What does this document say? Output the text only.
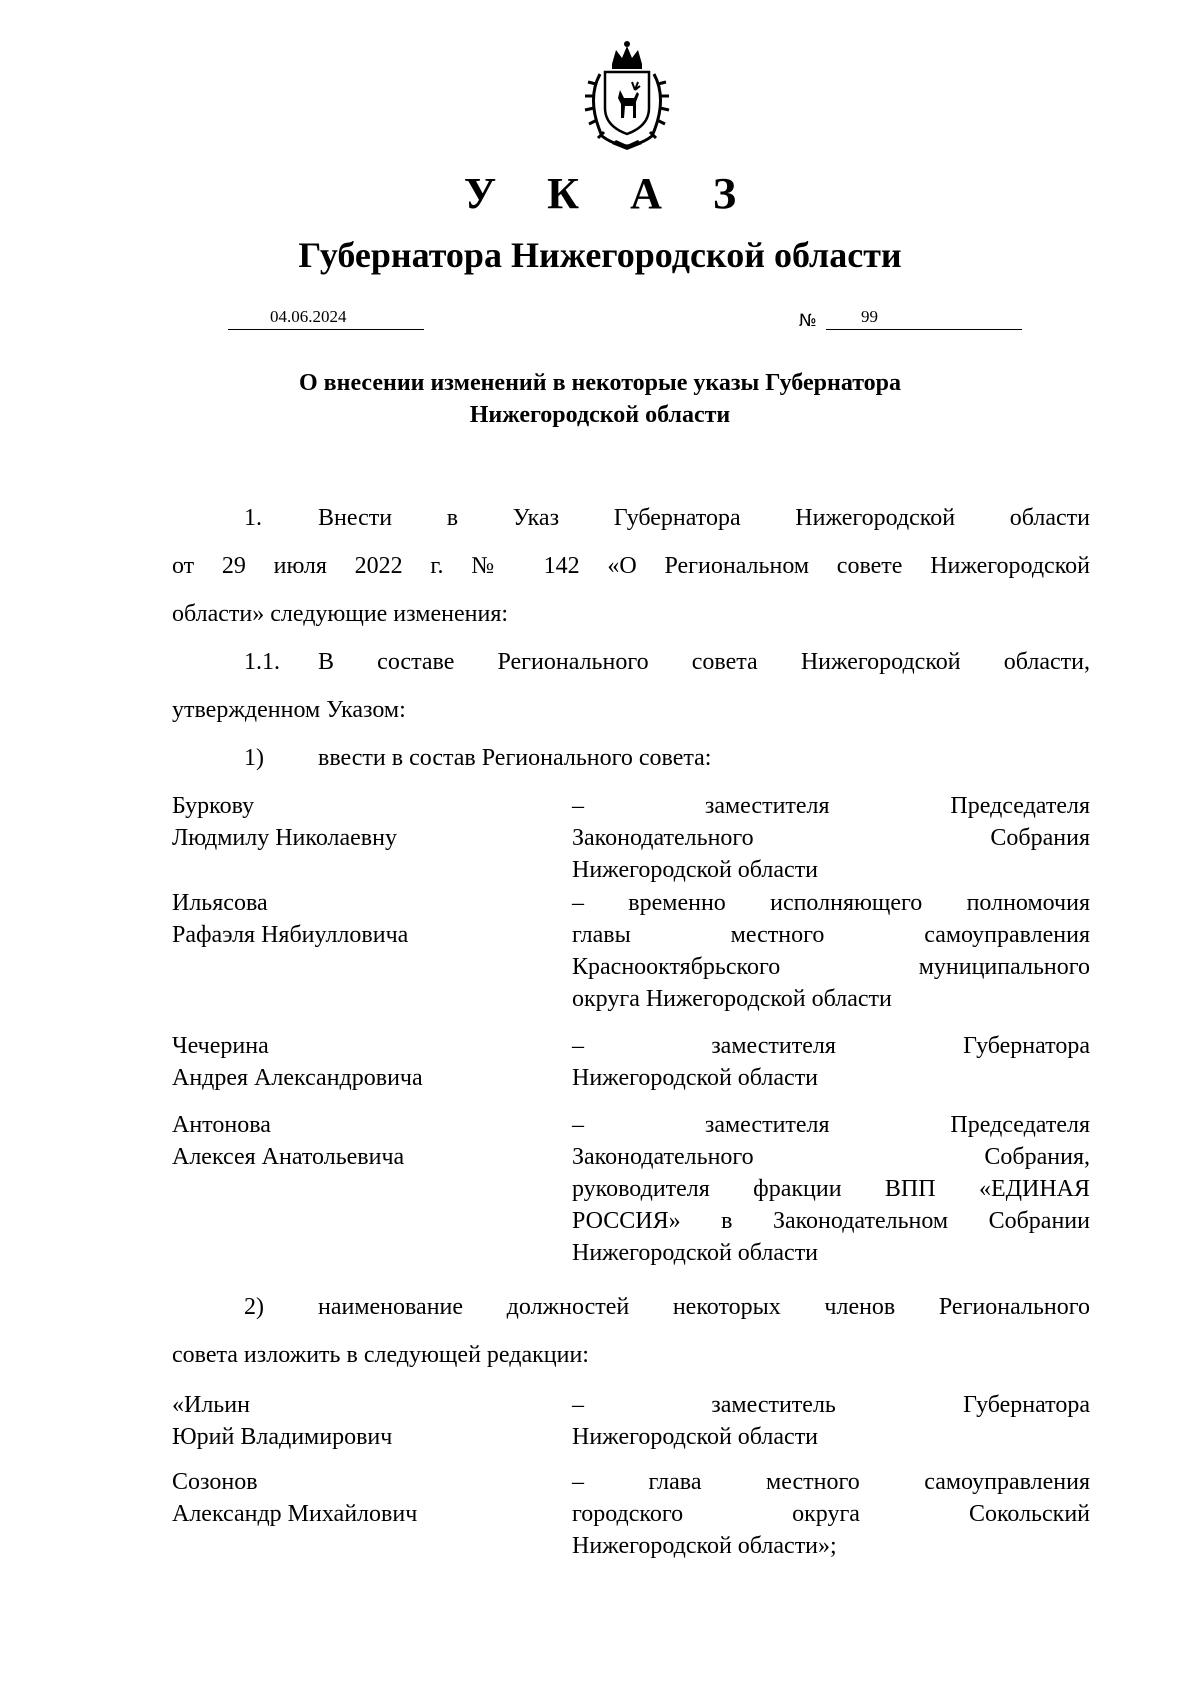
У К А З
Губернатора Нижегородской области
04.06.2024	№	99
О внесении изменений в некоторые указы Губернатора
Нижегородской области
1. Внести в Указ Губернатора Нижегородской области
от 29 июля 2022 г. № 142 «О Региональном совете Нижегородской
области» следующие изменения:
1.1. В составе Регионального совета Нижегородской области,
утвержденном Указом:
1) ввести в состав Регионального совета:
Буркову
Людмилу Николаевну
– заместителя Председателя
Законодательного Собрания
Нижегородской области
Ильясова
Рафаэля Нябиулловича
– временно исполняющего полномочия
главы местного самоуправления
Краснооктябрьского муниципального
округа Нижегородской области
Чечерина
Андрея Александровича
– заместителя Губернатора
Нижегородской области
Антонова
Алексея Анатольевича
– заместителя Председателя
Законодательного Собрания,
руководителя фракции ВПП «ЕДИНАЯ
РОССИЯ» в Законодательном Собрании
Нижегородской области
2) наименование должностей некоторых членов Регионального
совета изложить в следующей редакции:
«Ильин
Юрий Владимирович
– заместитель Губернатора
Нижегородской области
Созонов
Александр Михайлович
– глава местного самоуправления
городского округа Сокольский
Нижегородской области»;
